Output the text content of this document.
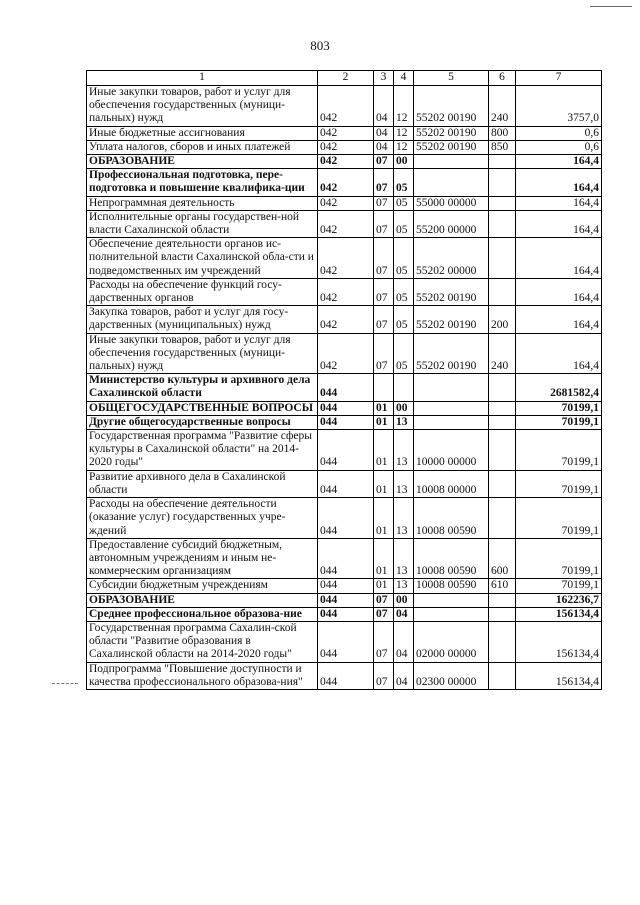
803
1	2	3	4	5	6	7
Иные закупки товаров, работ и услуг для обеспечения государственных (муници-пальных) нужд	042	04	12	55202 00190	240	3757,0
Иные бюджетные ассигнования	042	04	12	55202 00190	800	0,6
Уплата налогов, сборов и иных платежей	042	04	12	55202 00190	850	0,6
ОБРАЗОВАНИЕ	042	07	00			164,4
Профессиональная подготовка, пере-подготовка и повышение квалифика-ции	042	07	05			164,4
Непрограммная деятельность	042	07	05	55000 00000		164,4
Исполнительные органы государствен-ной власти Сахалинской области	042	07	05	55200 00000		164,4
Обеспечение деятельности органов ис-полнительной власти Сахалинской обла-сти и подведомственных им учреждений	042	07	05	55202 00000		164,4
Расходы на обеспечение функций госу-дарственных органов	042	07	05	55202 00190		164,4
Закупка товаров, работ и услуг для госу-дарственных (муниципальных) нужд	042	07	05	55202 00190	200	164,4
Иные закупки товаров, работ и услуг для обеспечения государственных (муници-пальных) нужд	042	07	05	55202 00190	240	164,4
Министерство культуры и архивного дела Сахалинской области	044					2681582,4
ОБЩЕГОСУДАРСТВЕННЫЕ ВОПРОСЫ	044	01	00			70199,1
Другие общегосударственные вопросы	044	01	13			70199,1
Государственная программа "Развитие сферы культуры в Сахалинской области" на 2014-2020 годы"	044	01	13	10000 00000		70199,1
Развитие архивного дела в Сахалинской области	044	01	13	10008 00000		70199,1
Расходы на обеспечение деятельности (оказание услуг) государственных учре-ждений	044	01	13	10008 00590		70199,1
Предоставление субсидий бюджетным, автономным учреждениям и иным не-коммерческим организациям	044	01	13	10008 00590	600	70199,1
Субсидии бюджетным учреждениям	044	01	13	10008 00590	610	70199,1
ОБРАЗОВАНИЕ	044	07	00			162236,7
Среднее профессиональное образова-ние	044	07	04			156134,4
Государственная программа Сахалин-ской области "Развитие образования в Сахалинской области на 2014-2020 годы"	044	07	04	02000 00000		156134,4
Подпрограмма "Повышение доступности и качества профессионального образова-ния"	044	07	04	02300 00000		156134,4
